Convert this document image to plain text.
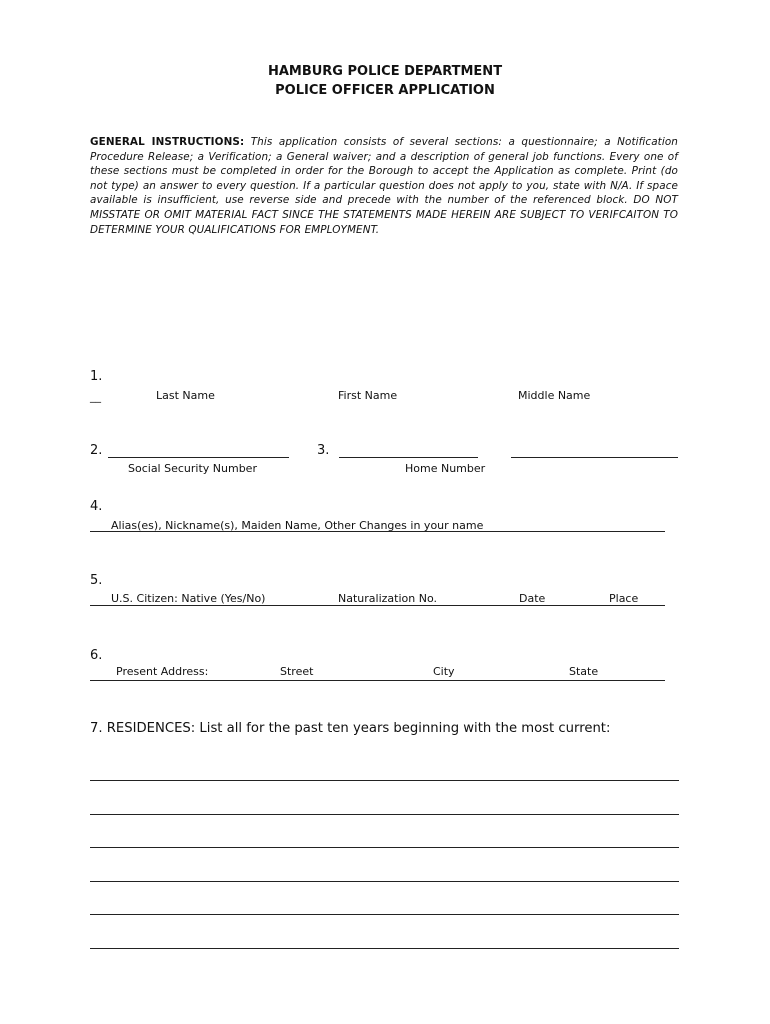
HAMBURG POLICE DEPARTMENT
POLICE OFFICER APPLICATION
GENERAL INSTRUCTIONS: This application consists of several sections: a questionnaire; a Notification Procedure Release; a Verification; a General waiver; and a description of general job functions. Every one of these sections must be completed in order for the Borough to accept the Application as complete. Print (do not type) an answer to every question. If a particular question does not apply to you, state with N/A. If space available is insufficient, use reverse side and precede with the number of the referenced block. DO NOT MISSTATE OR OMIT MATERIAL FACT SINCE THE STATEMENTS MADE HEREIN ARE SUBJECT TO VERIFCAITON TO DETERMINE YOUR QUALIFICATIONS FOR EMPLOYMENT.
1.
__	Last Name	First Name	Middle Name
2.	3.
Social Security Number	Home Number
4.
Alias(es), Nickname(s), Maiden Name, Other Changes in your name
5.
U.S. Citizen: Native (Yes/No)	Naturalization No.	Date	Place
6.
Present Address:	Street	City	State
7. RESIDENCES: List all for the past ten years beginning with the most current:
